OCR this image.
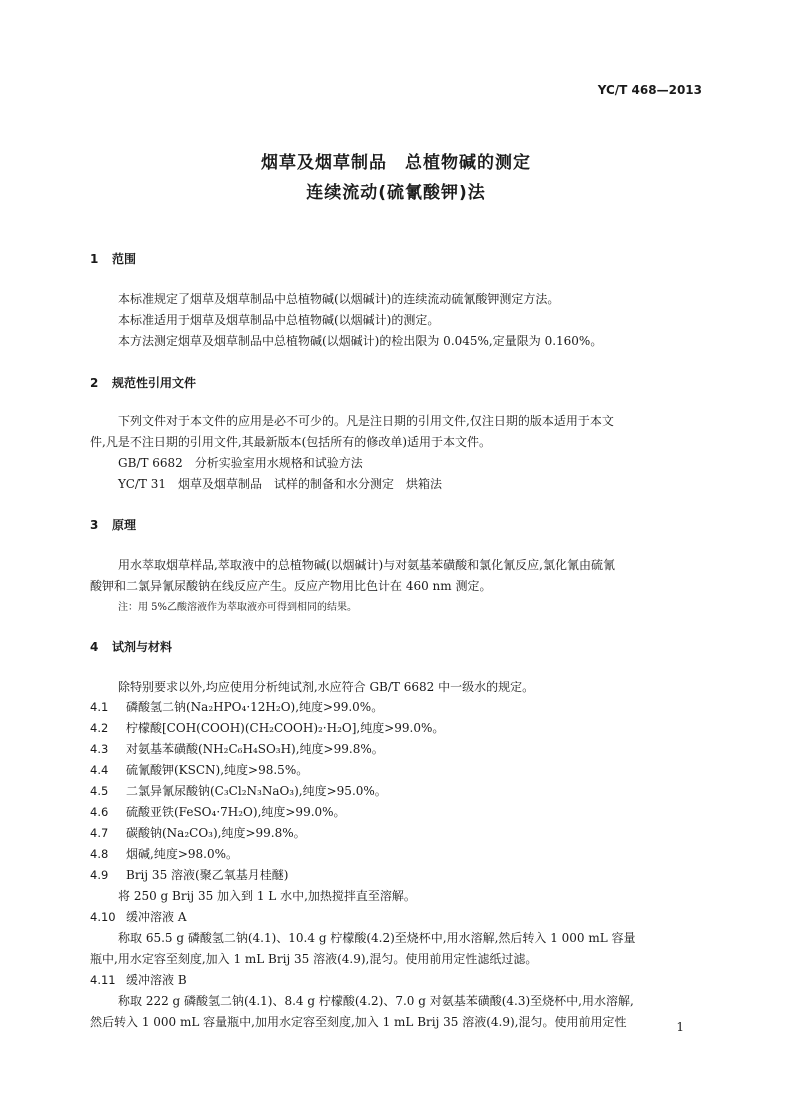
YC/T 468—2013
烟草及烟草制品　总植物碱的测定
连续流动(硫氰酸钾)法
1 范围
本标准规定了烟草及烟草制品中总植物碱(以烟碱计)的连续流动硫氰酸钾测定方法。
本标准适用于烟草及烟草制品中总植物碱(以烟碱计)的测定。
本方法测定烟草及烟草制品中总植物碱(以烟碱计)的检出限为 0.045%,定量限为 0.160%。
2 规范性引用文件
下列文件对于本文件的应用是必不可少的。凡是注日期的引用文件,仅注日期的版本适用于本文
件,凡是不注日期的引用文件,其最新版本(包括所有的修改单)适用于本文件。
GB/T 6682　分析实验室用水规格和试验方法
YC/T 31　烟草及烟草制品　试样的制备和水分测定　烘箱法
3 原理
用水萃取烟草样品,萃取液中的总植物碱(以烟碱计)与对氨基苯磺酸和氯化氰反应,氯化氰由硫氰
酸钾和二氯异氰尿酸钠在线反应产生。反应产物用比色计在 460 nm 测定。
注：用 5%乙酸溶液作为萃取液亦可得到相同的结果。
4 试剂与材料
除特别要求以外,均应使用分析纯试剂,水应符合 GB/T 6682 中一级水的规定。
4.1 磷酸氢二钠(Na₂HPO₄·12H₂O),纯度>99.0%。
4.2 柠檬酸[COH(COOH)(CH₂COOH)₂·H₂O],纯度>99.0%。
4.3 对氨基苯磺酸(NH₂C₆H₄SO₃H),纯度>99.8%。
4.4 硫氰酸钾(KSCN),纯度>98.5%。
4.5 二氯异氰尿酸钠(C₃Cl₂N₃NaO₃),纯度>95.0%。
4.6 硫酸亚铁(FeSO₄·7H₂O),纯度>99.0%。
4.7 碳酸钠(Na₂CO₃),纯度>99.8%。
4.8 烟碱,纯度>98.0%。
4.9 Brij 35 溶液(聚乙氧基月桂醚)
将 250 g Brij 35 加入到 1 L 水中,加热搅拌直至溶解。
4.10 缓冲溶液 A
称取 65.5 g 磷酸氢二钠(4.1)、10.4 g 柠檬酸(4.2)至烧杯中,用水溶解,然后转入 1 000 mL 容量
瓶中,用水定容至刻度,加入 1 mL Brij 35 溶液(4.9),混匀。使用前用定性滤纸过滤。
4.11 缓冲溶液 B
称取 222 g 磷酸氢二钠(4.1)、8.4 g 柠檬酸(4.2)、7.0 g 对氨基苯磺酸(4.3)至烧杯中,用水溶解,
然后转入 1 000 mL 容量瓶中,加用水定容至刻度,加入 1 mL Brij 35 溶液(4.9),混匀。使用前用定性	1
